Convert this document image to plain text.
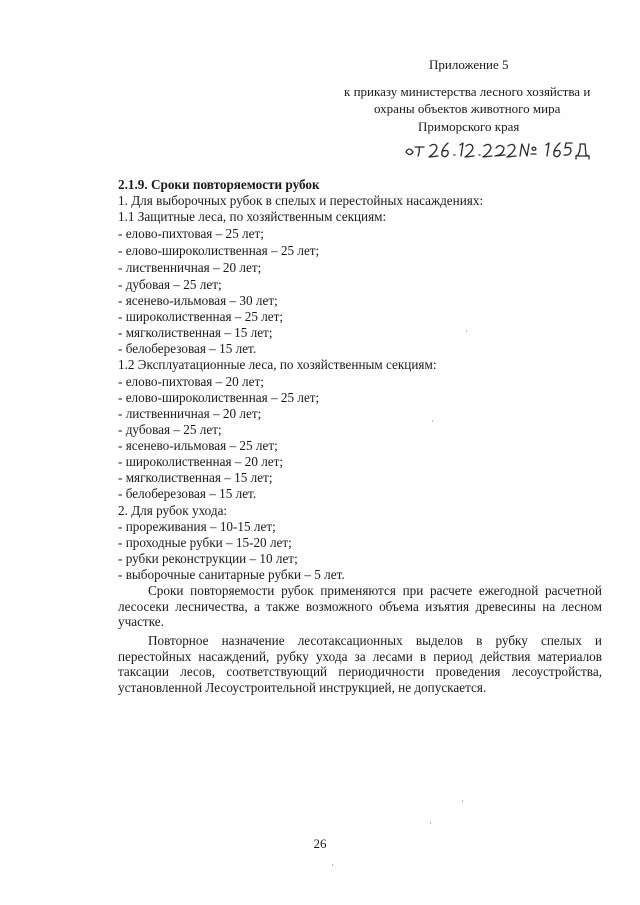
Приложение 5
к приказу министерства лесного хозяйства и
охраны объектов животного мира
Приморского края
2.1.9. Сроки повторяемости рубок
1. Для выборочных рубок в спелых и перестойных насаждениях:
1.1 Защитные леса, по хозяйственным секциям:
- елово-пихтовая – 25 лет;
- елово-широколиственная – 25 лет;
- лиственничная – 20 лет;
- дубовая – 25 лет;
- ясенево-ильмовая – 30 лет;
- широколиственная – 25 лет;
- мягколиственная – 15 лет;
- белоберезовая – 15 лет.
1.2 Эксплуатационные леса, по хозяйственным секциям:
- елово-пихтовая – 20 лет;
- елово-широколиственная – 25 лет;
- лиственничная – 20 лет;
- дубовая – 25 лет;
- ясенево-ильмовая – 25 лет;
- широколиственная – 20 лет;
- мягколиственная – 15 лет;
- белоберезовая – 15 лет.
2. Для рубок ухода:
- прореживания – 10-15 лет;
- проходные рубки – 15-20 лет;
- рубки реконструкции – 10 лет;
- выборочные санитарные рубки – 5 лет.
Сроки повторяемости рубок применяются при расчете ежегодной расчетной лесосеки лесничества, а также возможного объема изъятия древесины на лесном участке.
Повторное назначение лесотаксационных выделов в рубку спелых и перестойных насаждений, рубку ухода за лесами в период действия материалов таксации лесов, соответствующий периодичности проведения лесоустройства, установленной Лесоустроительной инструкцией, не допускается.
26
